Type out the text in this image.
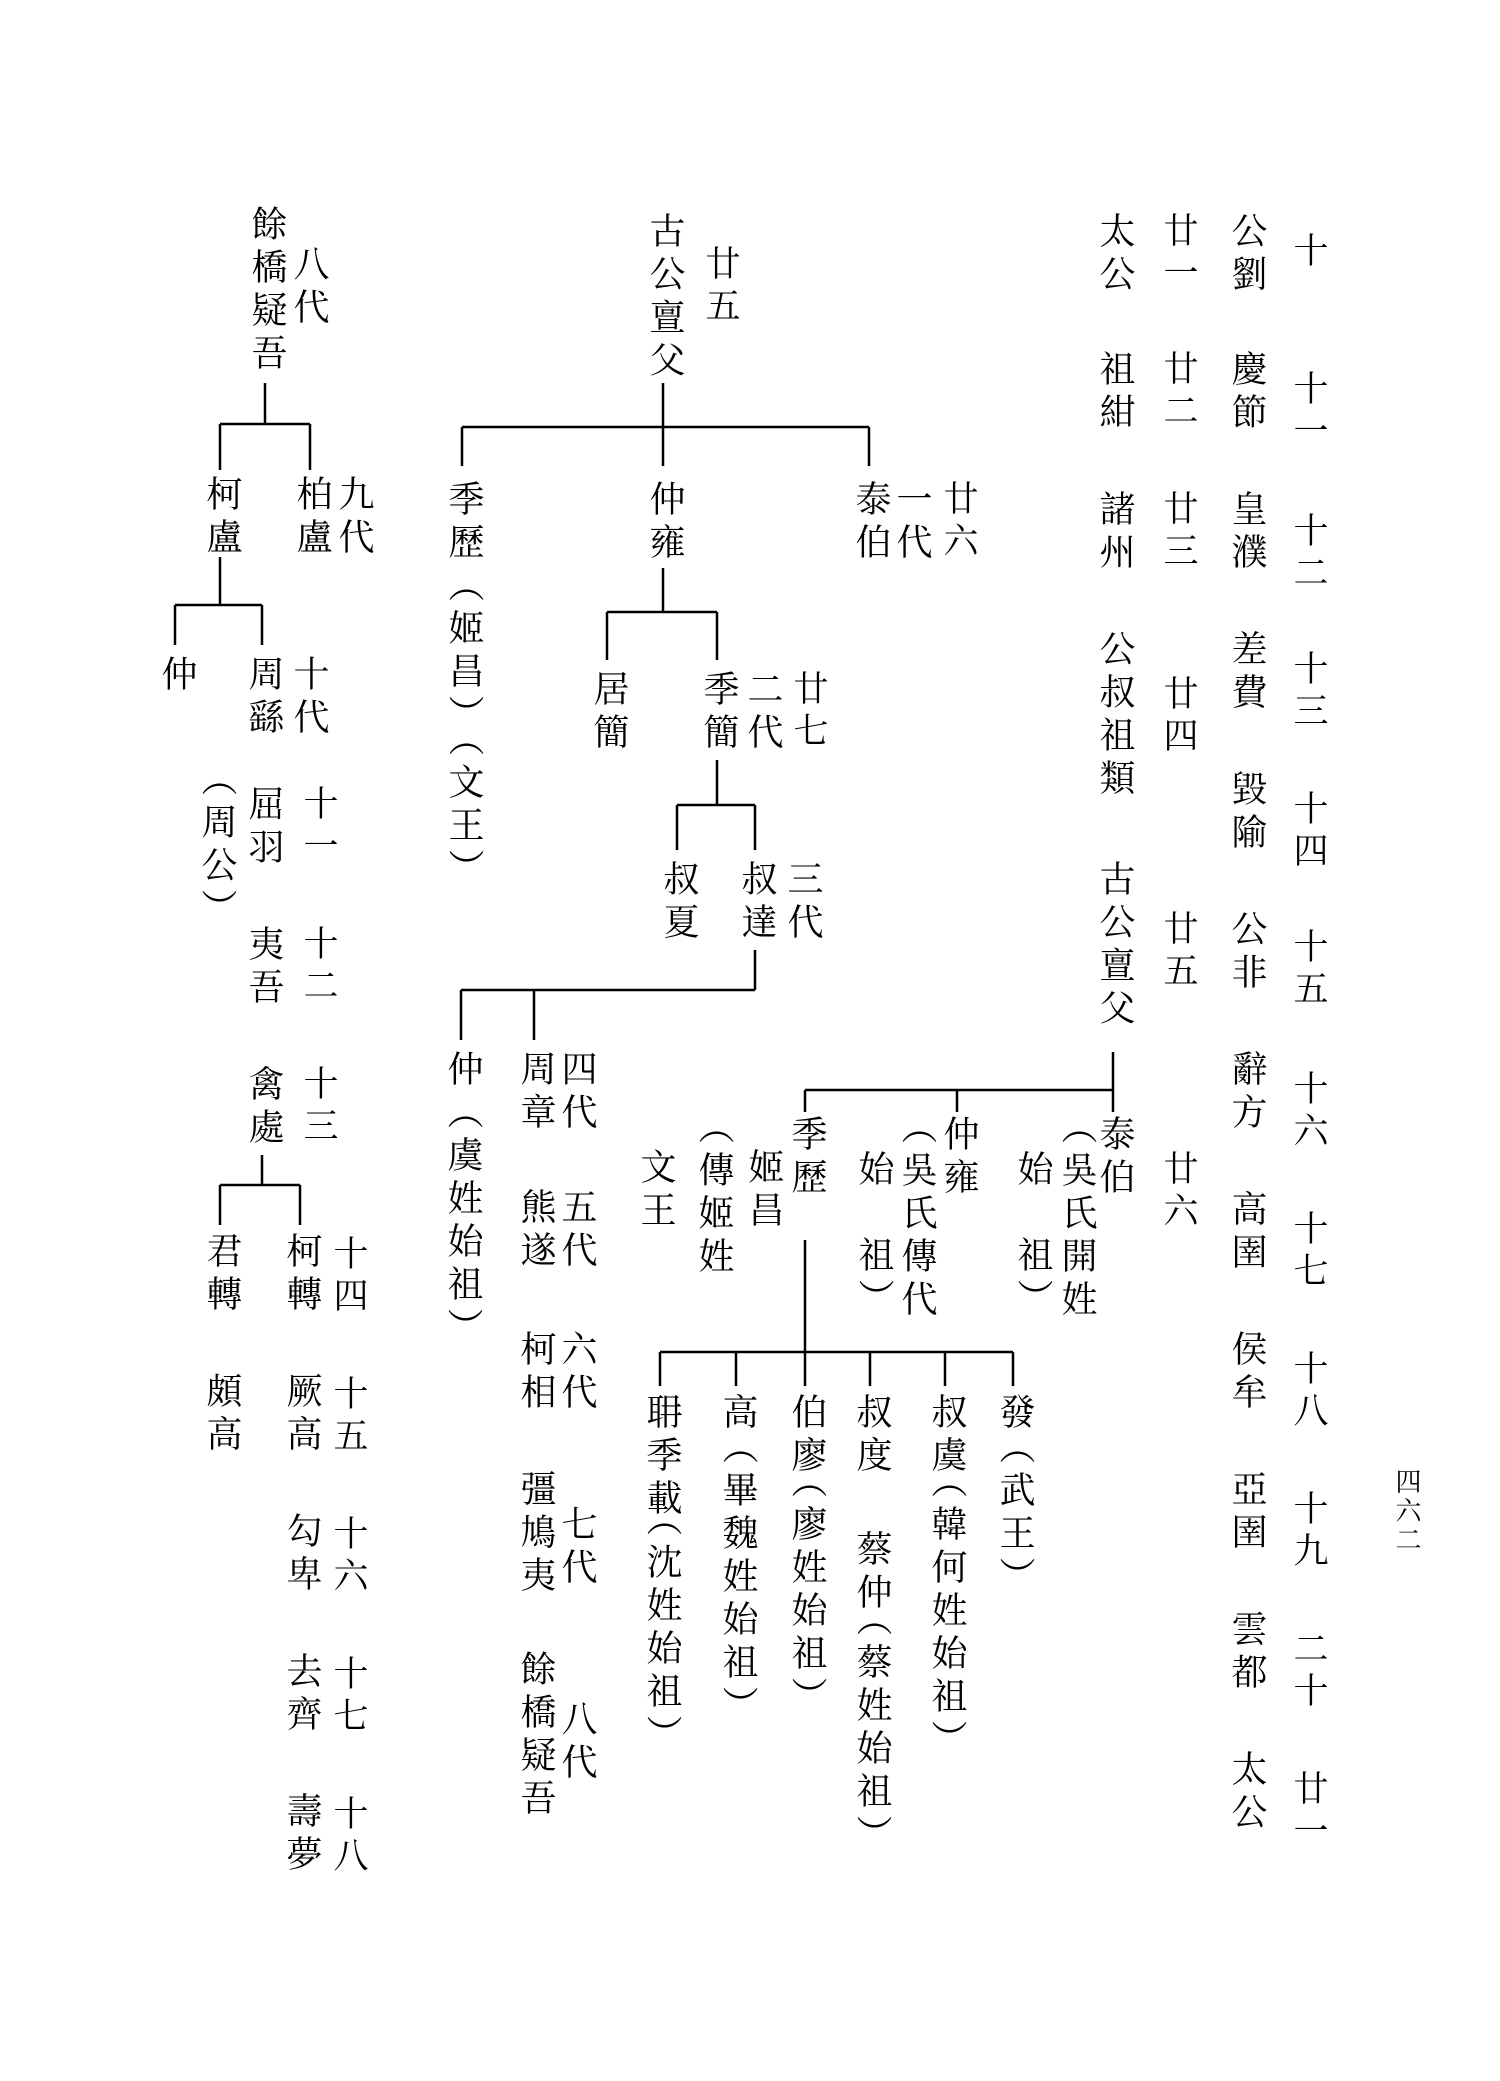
四六二
十
十一
十二
十三
十四
十五
十六
十七
十八
十九
二十
廿一
公劉
慶節
皇濮
差費
毀隃
公非
辭方
高圉
侯牟
亞圉
雲都
太公
廿一
廿二
廿三
廿四
廿五
太公
祖紺
諸州
公叔祖類
古公亶父
廿六
泰伯
（吳氏開姓
始　祖）
仲雍
（吳氏傳代
始　祖）
季歷
姬昌
（傳姬姓
文王
發
（武王）
叔虞
（韓何姓始祖）
叔度
蔡仲
（蔡姓始祖）
伯廖
（廖姓始祖）
高
（畢魏姓始祖）
耼季載
（沈姓始祖）
廿五
古公亶父
廿六
一代
泰伯
仲雍
季歷（姬昌）（文王）	廿七
二代
季簡
居簡
三代
叔達
叔夏
四代
周章
仲（虞姓始祖） 五代
熊遂
六代
柯相
七代
彊鳩夷
八代
餘橋疑吾
八代
餘橋疑吾
九代
柏盧
柯盧
十代
周繇
仲
（周公） 十一
屈羽
十二
夷吾
十三
禽處
十四
十五
十六
十七
十八
柯轉
厥高
勾卑
去齊
壽夢
君轉
頗高
